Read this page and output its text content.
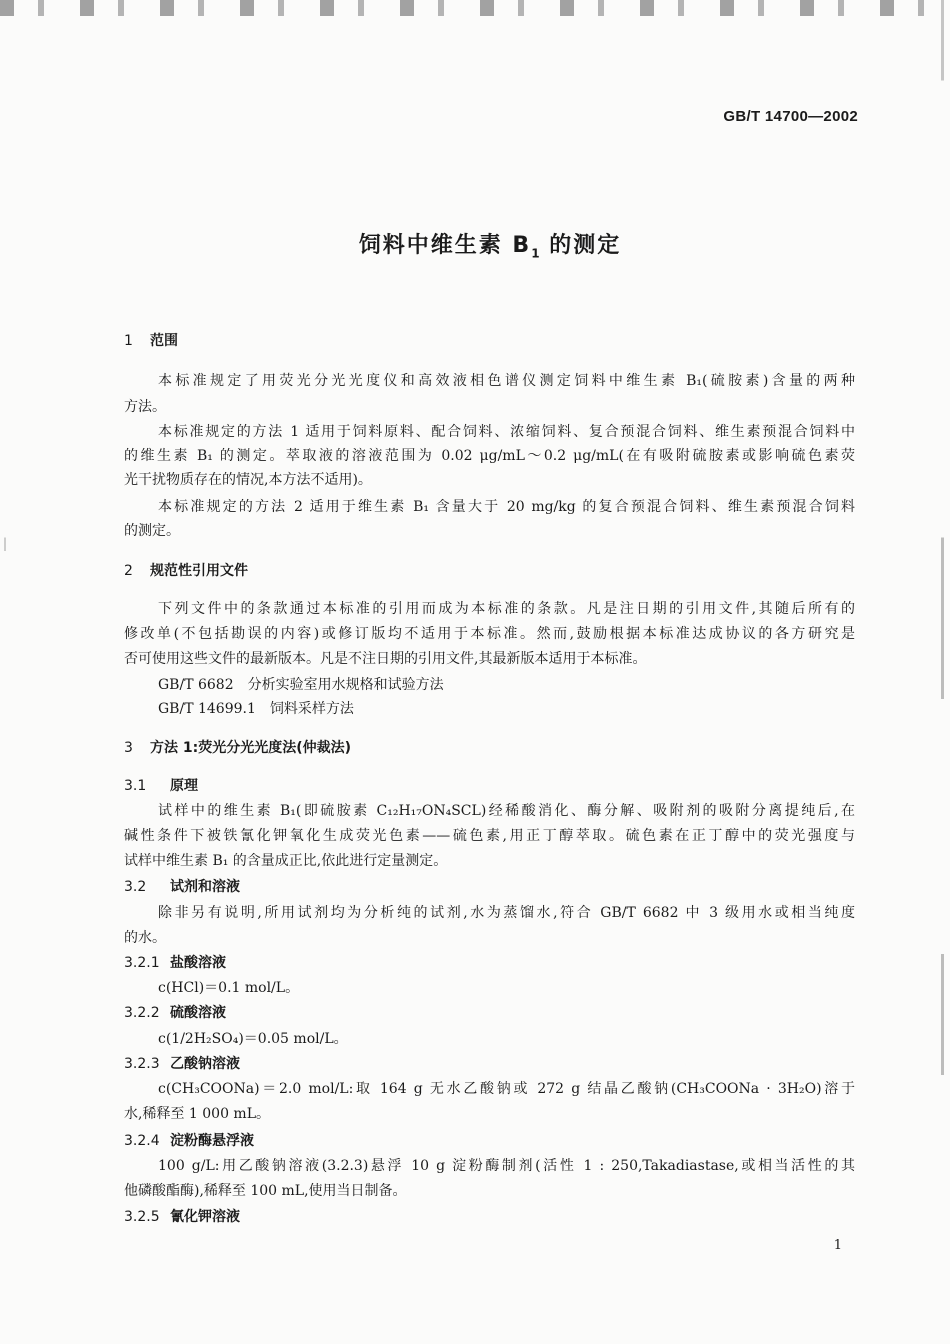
GB/T 14700—2002
饲料中维生素 $B_1$ 的测定
1 范围
本标准规定了用荧光分光光度仪和高效液相色谱仪测定饲料中维生素 B₁(硫胺素)含量的两种
方法。
本标准规定的方法 1 适用于饲料原料、配合饲料、浓缩饲料、复合预混合饲料、维生素预混合饲料中
的维生素 B₁ 的测定。萃取液的溶液范围为 0.02 μg/mL～0.2 μg/mL(在有吸附硫胺素或影响硫色素荧
光干扰物质存在的情况,本方法不适用)。
本标准规定的方法 2 适用于维生素 B₁ 含量大于 20 mg/kg 的复合预混合饲料、维生素预混合饲料
的测定。
2 规范性引用文件
下列文件中的条款通过本标准的引用而成为本标准的条款。凡是注日期的引用文件,其随后所有的
修改单(不包括勘误的内容)或修订版均不适用于本标准。然而,鼓励根据本标准达成协议的各方研究是
否可使用这些文件的最新版本。凡是不注日期的引用文件,其最新版本适用于本标准。
GB/T 6682　分析实验室用水规格和试验方法
GB/T 14699.1　饲料采样方法
3 方法 1:荧光分光光度法(仲裁法)
3.1 原理
试样中的维生素 B₁(即硫胺素 C₁₂H₁₇ON₄SCL)经稀酸消化、酶分解、吸附剂的吸附分离提纯后,在
碱性条件下被铁氰化钾氧化生成荧光色素——硫色素,用正丁醇萃取。硫色素在正丁醇中的荧光强度与
试样中维生素 B₁ 的含量成正比,依此进行定量测定。
3.2 试剂和溶液
除非另有说明,所用试剂均为分析纯的试剂,水为蒸馏水,符合 GB/T 6682 中 3 级用水或相当纯度
的水。
3.2.1 盐酸溶液
c(HCl)＝0.1 mol/L。
3.2.2 硫酸溶液
c(1/2H₂SO₄)＝0.05 mol/L。
3.2.3 乙酸钠溶液
c(CH₃COONa)＝2.0 mol/L:取 164 g 无水乙酸钠或 272 g 结晶乙酸钠(CH₃COONa · 3H₂O)溶于
水,稀释至 1 000 mL。
3.2.4 淀粉酶悬浮液
100 g/L:用乙酸钠溶液(3.2.3)悬浮 10 g 淀粉酶制剂(活性 1 : 250,Takadiastase,或相当活性的其
他磷酸酯酶),稀释至 100 mL,使用当日制备。
3.2.5 氰化钾溶液
1
